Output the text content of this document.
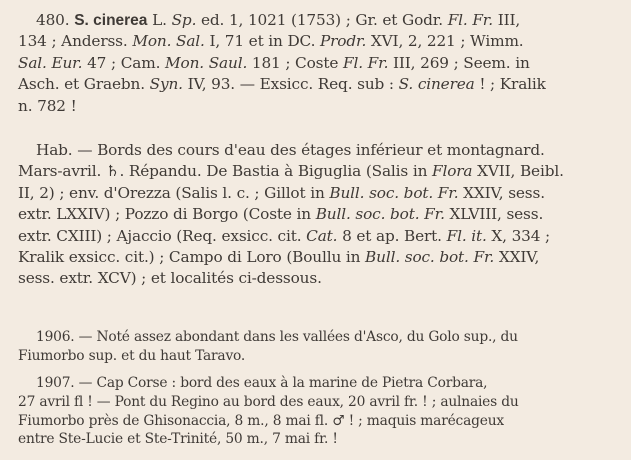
480. S. cinerea L. Sp. ed. 1, 1021 (1753) ; Gr. et Godr. Fl. Fr. III,
134 ; Anderss. Mon. Sal. I, 71 et in DC. Prodr. XVI, 2, 221 ; Wimm.
Sal. Eur. 47 ; Cam. Mon. Saul. 181 ; Coste Fl. Fr. III, 269 ; Seem. in
Asch. et Graebn. Syn. IV, 93. — Exsicc. Req. sub : S. cinerea ! ; Kralik
n. 782 !
Hab. — Bords des cours d'eau des étages inférieur et montagnard.
Mars-avril. ♄. Répandu. De Bastia à Biguglia (Salis in Flora XVII, Beibl.
II, 2) ; env. d'Orezza (Salis l. c. ; Gillot in Bull. soc. bot. Fr. XXIV, sess.
extr. LXXIV) ; Pozzo di Borgo (Coste in Bull. soc. bot. Fr. XLVIII, sess.
extr. CXIII) ; Ajaccio (Req. exsicc. cit. Cat. 8 et ap. Bert. Fl. it. X, 334 ;
Kralik exsicc. cit.) ; Campo di Loro (Boullu in Bull. soc. bot. Fr. XXIV,
sess. extr. XCV) ; et localités ci-dessous.
1906. — Noté assez abondant dans les vallées d'Asco, du Golo sup., du
Fiumorbo sup. et du haut Taravo.
1907. — Cap Corse : bord des eaux à la marine de Pietra Corbara,
27 avril fl ! — Pont du Regino au bord des eaux, 20 avril fr. ! ; aulnaies du
Fiumorbo près de Ghisonaccia, 8 m., 8 mai fl. ♂ ! ; maquis marécageux
entre Ste-Lucie et Ste-Trinité, 50 m., 7 mai fr. !
